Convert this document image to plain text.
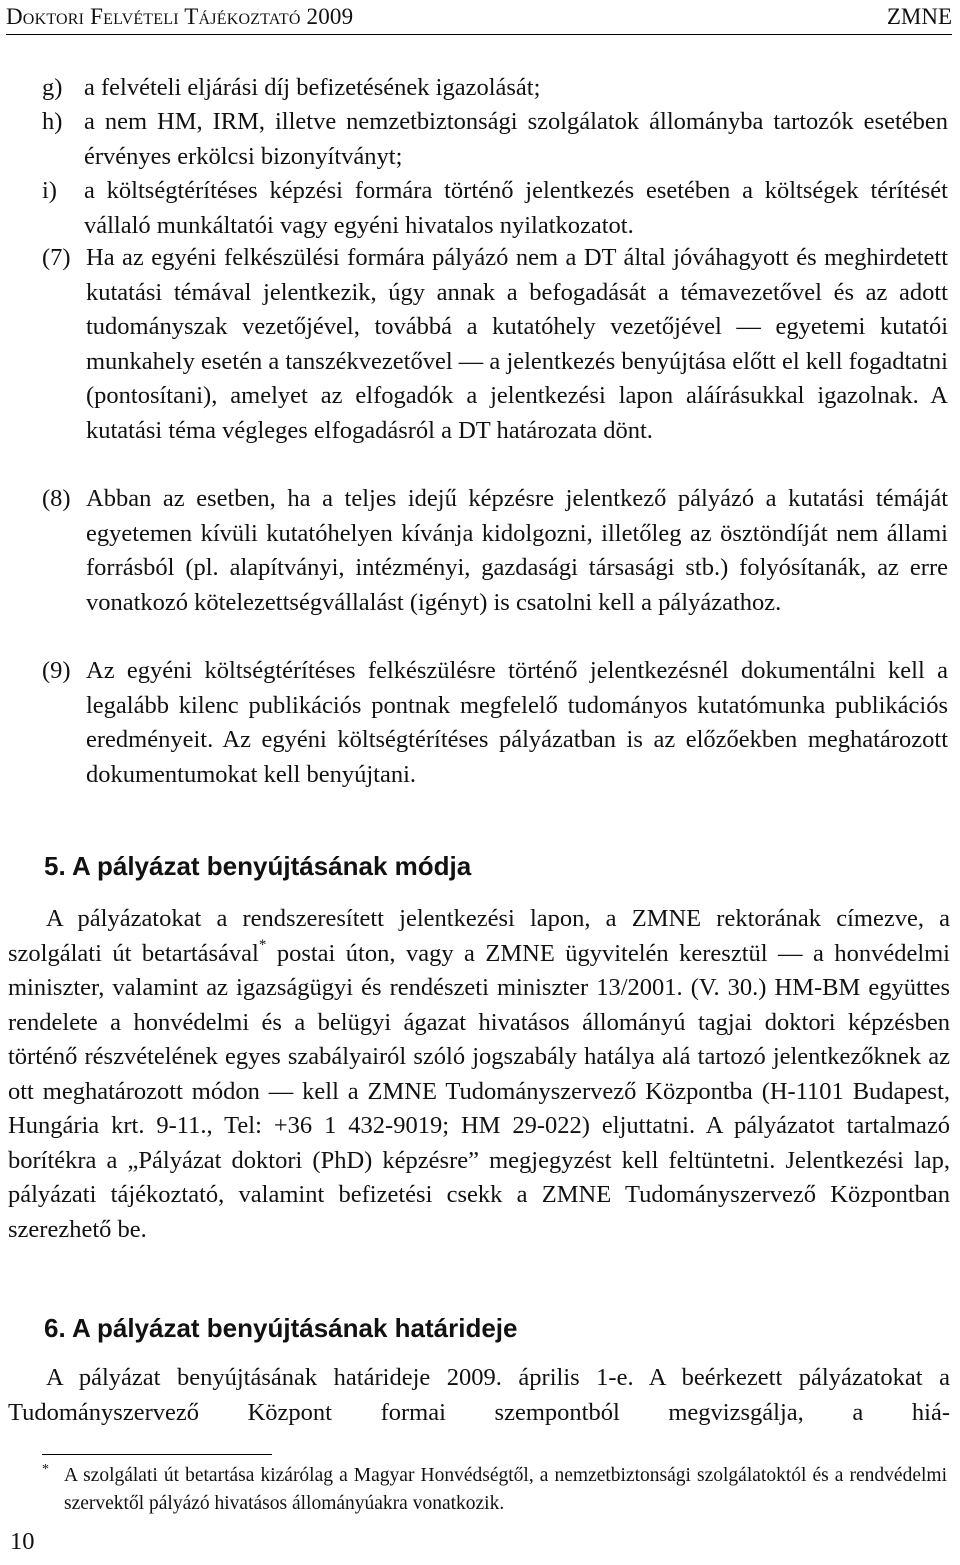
Doktori Felvételi Tájékoztató 2009	ZMNE
g) a felvételi eljárási díj befizetésének igazolását;
h) a nem HM, IRM, illetve nemzetbiztonsági szolgálatok állományba tartozók esetében érvényes erkölcsi bizonyítványt;
i) a költségtérítéses képzési formára történő jelentkezés esetében a költségek térítését vállaló munkáltatói vagy egyéni hivatalos nyilatkozatot.
(7) Ha az egyéni felkészülési formára pályázó nem a DT által jóváhagyott és meghirdetett kutatási témával jelentkezik, úgy annak a befogadását a témavezetővel és az adott tudományszak vezetőjével, továbbá a kutatóhely vezetőjével — egyetemi kutatói munkahely esetén a tanszékvezetővel — a jelentkezés benyújtása előtt el kell fogadtatni (pontosítani), amelyet az elfogadók a jelentkezési lapon aláírásukkal igazolnak. A kutatási téma végleges elfogadásról a DT határozata dönt.
(8) Abban az esetben, ha a teljes idejű képzésre jelentkező pályázó a kutatási témáját egyetemen kívüli kutatóhelyen kívánja kidolgozni, illetőleg az ösztöndíját nem állami forrásból (pl. alapítványi, intézményi, gazdasági társasági stb.) folyósítanák, az erre vonatkozó kötelezettségvállalást (igényt) is csatolni kell a pályázathoz.
(9) Az egyéni költségtérítéses felkészülésre történő jelentkezésnél dokumentálni kell a legalább kilenc publikációs pontnak megfelelő tudományos kutatómunka publikációs eredményeit. Az egyéni költségtérítéses pályázatban is az előzőekben meghatározott dokumentumokat kell benyújtani.
5. A pályázat benyújtásának módja

A pályázatokat a rendszeresített jelentkezési lapon, a ZMNE rektorának címezve, a szolgálati út betartásával* postai úton, vagy a ZMNE ügyvitelén keresztül — a honvédelmi miniszter, valamint az igazságügyi és rendészeti miniszter 13/2001. (V. 30.) HM-BM együttes rendelete a honvédelmi és a belügyi ágazat hivatásos állományú tagjai doktori képzésben történő részvételének egyes szabályairól szóló jogszabály hatálya alá tartozó jelentkezőknek az ott meghatározott módon — kell a ZMNE Tudományszervező Központba (H-1101 Budapest, Hungária krt. 9-11., Tel: +36 1 432-9019; HM 29-022) eljuttatni. A pályázatot tartalmazó borítékra a „Pályázat doktori (PhD) képzésre” megjegyzést kell feltüntetni. Jelentkezési lap, pályázati tájékoztató, valamint befizetési csekk a ZMNE Tudományszervező Központban szerezhető be.

6. A pályázat benyújtásának határideje

A pályázat benyújtásának határideje 2009. április 1-e. A beérkezett pályázatokat a Tudományszervező Központ formai szempontból megvizsgálja, a hiá-

* A szolgálati út betartása kizárólag a Magyar Honvédségtől, a nemzetbiztonsági szolgálatoktól és a rendvédelmi szervektől pályázó hivatásos állományúakra vonatkozik.
10
